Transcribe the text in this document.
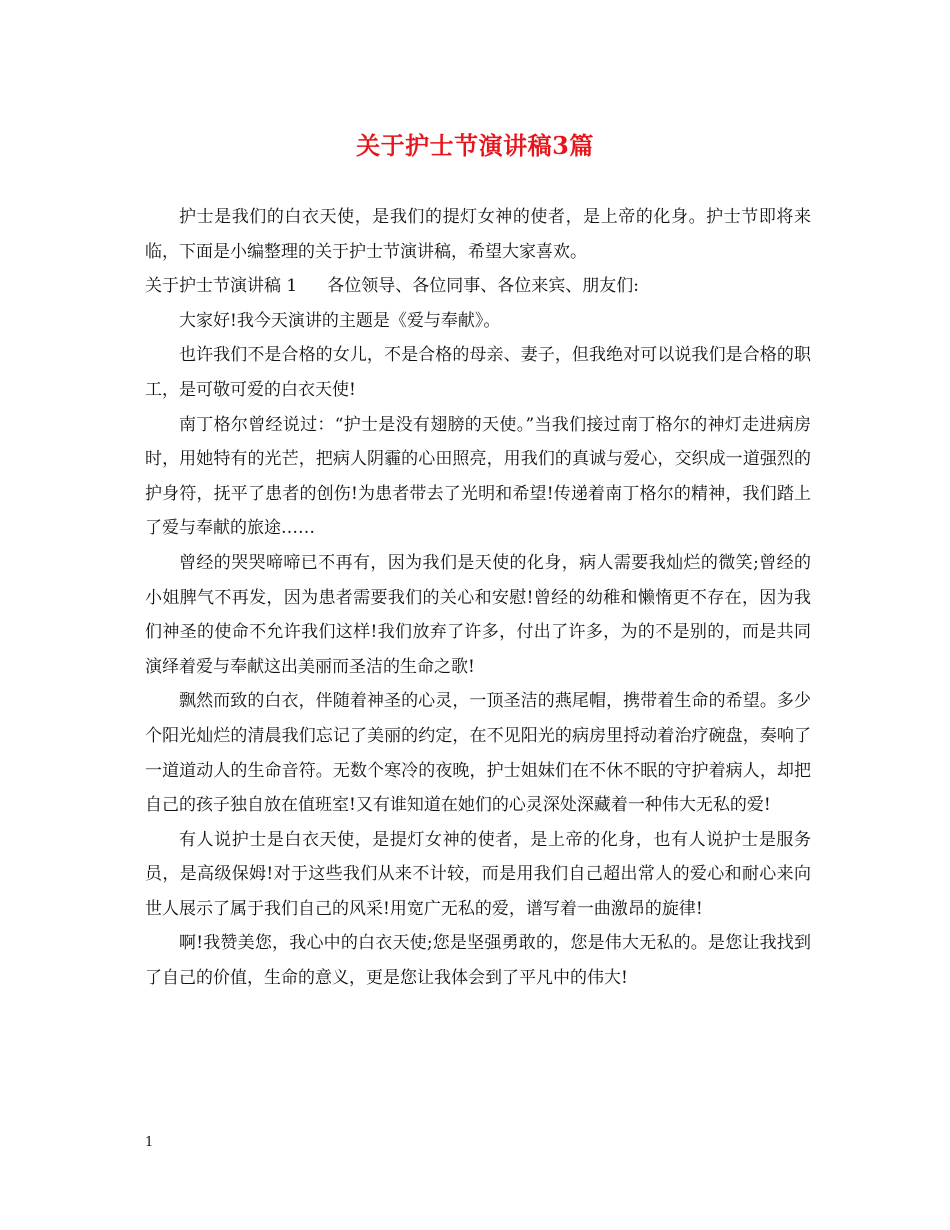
关于护士节演讲稿3篇

护士是我们的白衣天使，是我们的提灯女神的使者，是上帝的化身。护士节即将来临，下面是小编整理的关于护士节演讲稿，希望大家喜欢。

关于护士节演讲稿 1 各位领导、各位同事、各位来宾、朋友们:

大家好!我今天演讲的主题是《爱与奉献》。

也许我们不是合格的女儿，不是合格的母亲、妻子，但我绝对可以说我们是合格的职工，是可敬可爱的白衣天使!

南丁格尔曾经说过：“护士是没有翅膀的天使。”当我们接过南丁格尔的神灯走进病房时，用她特有的光芒，把病人阴霾的心田照亮，用我们的真诚与爱心，交织成一道强烈的护身符，抚平了患者的创伤!为患者带去了光明和希望!传递着南丁格尔的精神，我们踏上了爱与奉献的旅途……

曾经的哭哭啼啼已不再有，因为我们是天使的化身，病人需要我灿烂的微笑;曾经的小姐脾气不再发，因为患者需要我们的关心和安慰!曾经的幼稚和懒惰更不存在，因为我们神圣的使命不允许我们这样!我们放弃了许多，付出了许多，为的不是别的，而是共同演绎着爱与奉献这出美丽而圣洁的生命之歌!

飘然而致的白衣，伴随着神圣的心灵，一顶圣洁的燕尾帽，携带着生命的希望。多少个阳光灿烂的清晨我们忘记了美丽的约定，在不见阳光的病房里捋动着治疗碗盘，奏响了一道道动人的生命音符。无数个寒冷的夜晚，护士姐妹们在不休不眠的守护着病人，却把自己的孩子独自放在值班室!又有谁知道在她们的心灵深处深藏着一种伟大无私的爱!

有人说护士是白衣天使，是提灯女神的使者，是上帝的化身，也有人说护士是服务员，是高级保姆!对于这些我们从来不计较，而是用我们自己超出常人的爱心和耐心来向世人展示了属于我们自己的风采!用宽广无私的爱，谱写着一曲激昂的旋律!

啊!我赞美您，我心中的白衣天使;您是坚强勇敢的，您是伟大无私的。是您让我找到了自己的价值，生命的意义，更是您让我体会到了平凡中的伟大!

1
